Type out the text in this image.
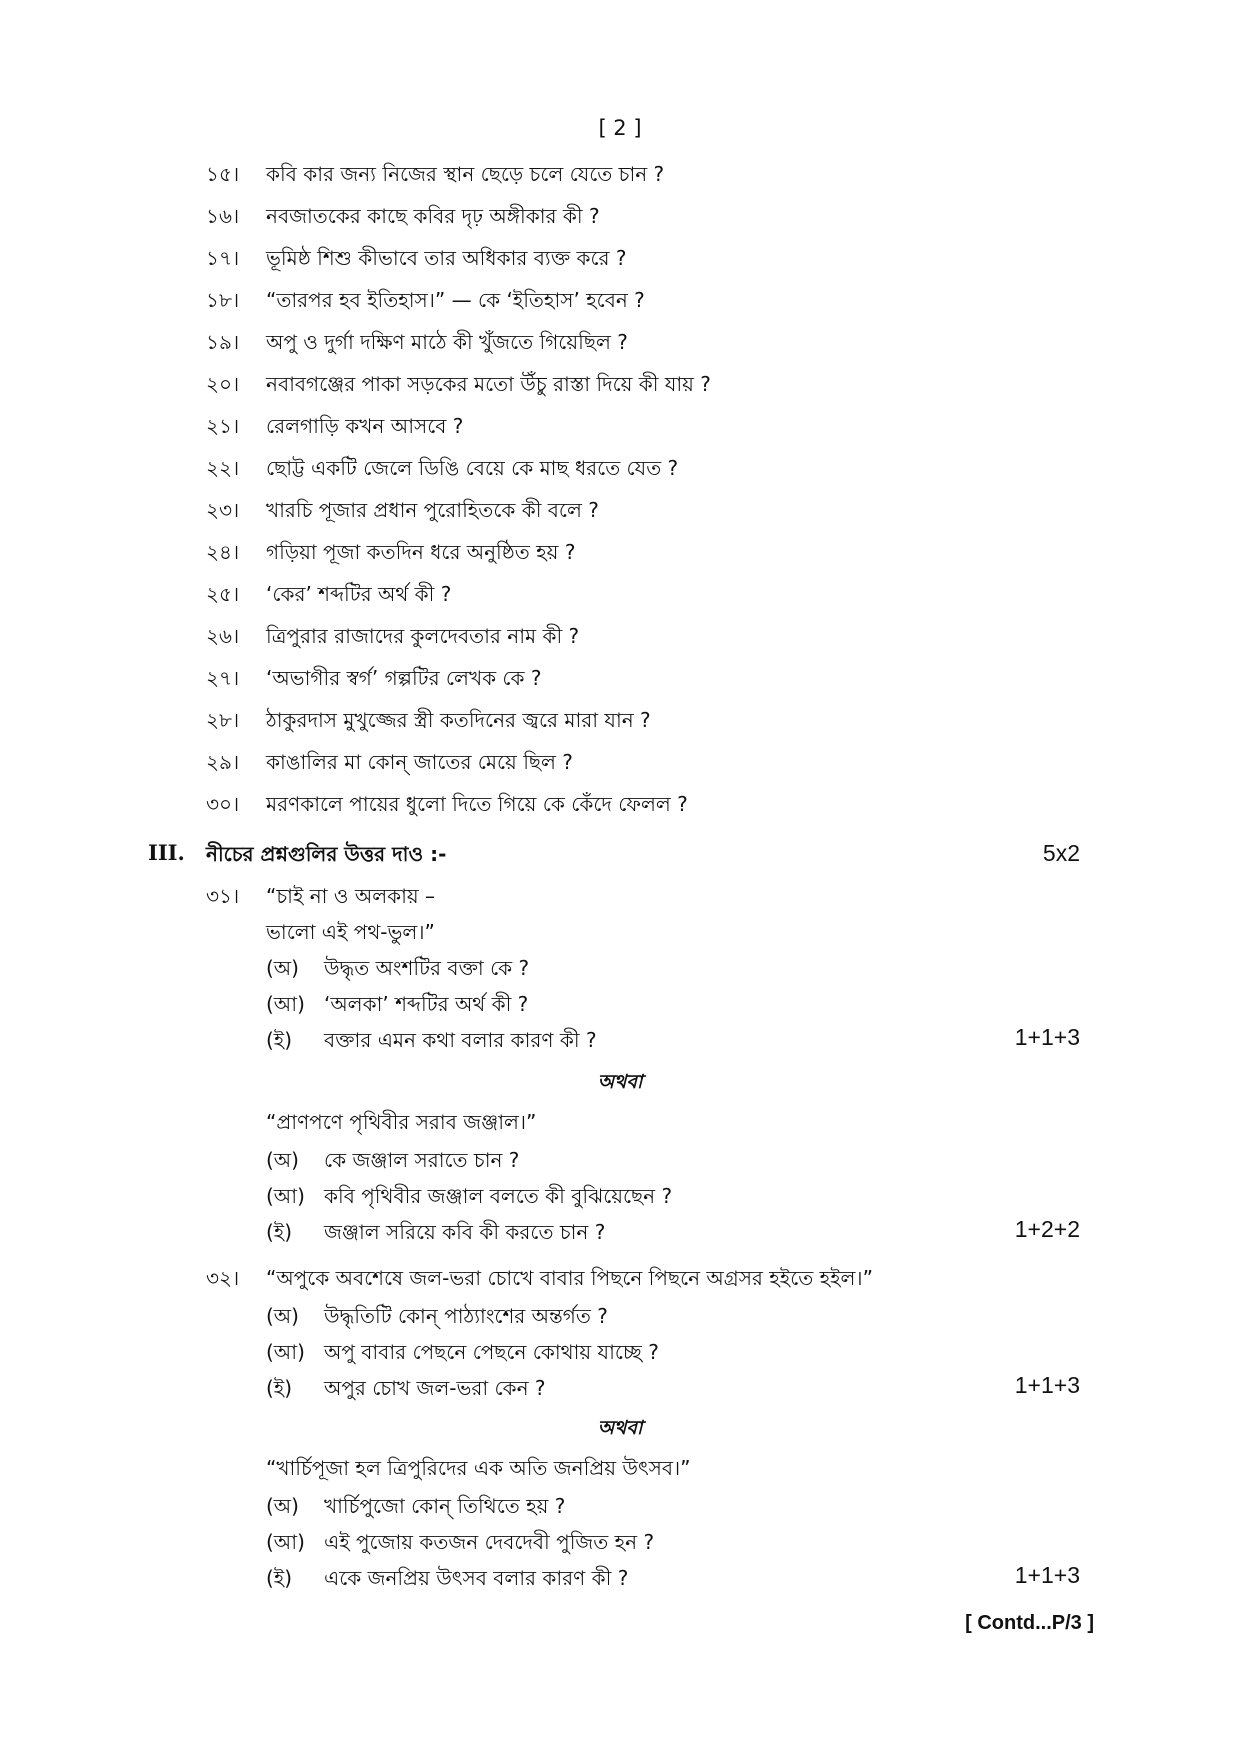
[ 2 ]
১৫। কবি কার জন্য নিজের স্থান ছেড়ে চলে যেতে চান ?
১৬। নবজাতকের কাছে কবির দৃঢ় অঙ্গীকার কী ?
১৭। ভূমিষ্ঠ শিশু কীভাবে তার অধিকার ব্যক্ত করে ?
১৮। “তারপর হব ইতিহাস।” — কে ‘ইতিহাস’ হবেন ?
১৯। অপু ও দুর্গা দক্ষিণ মাঠে কী খুঁজতে গিয়েছিল ?
২০। নবাবগঞ্জের পাকা সড়কের মতো উঁচু রাস্তা দিয়ে কী যায় ?
২১। রেলগাড়ি কখন আসবে ?
২২। ছোট্ট একটি জেলে ডিঙি বেয়ে কে মাছ ধরতে যেত ?
২৩। খারচি পূজার প্রধান পুরোহিতকে কী বলে ?
২৪। গড়িয়া পূজা কতদিন ধরে অনুষ্ঠিত হয় ?
২৫। ‘কের’ শব্দটির অর্থ কী ?
২৬। ত্রিপুরার রাজাদের কুলদেবতার নাম কী ?
২৭। ‘অভাগীর স্বর্গ’ গল্পটির লেখক কে ?
২৮। ঠাকুরদাস মুখুজ্জের স্ত্রী কতদিনের জ্বরে মারা যান ?
২৯। কাঙালির মা কোন্ জাতের মেয়ে ছিল ?
৩০। মরণকালে পায়ের ধুলো দিতে গিয়ে কে কেঁদে ফেলল ?
III. নীচের প্রশ্নগুলির উত্তর দাও :-	5x2
৩১।	“চাই না ও অলকায় –
ভালো এই পথ-ভুল।”
(অ) উদ্ধৃত অংশটির বক্তা কে ?
(আ) ‘অলকা’ শব্দটির অর্থ কী ?
(ই) বক্তার এমন কথা বলার কারণ কী ?	1+1+3
অথবা
“প্রাণপণে পৃথিবীর সরাব জঞ্জাল।”
(অ) কে জঞ্জাল সরাতে চান ?
(আ) কবি পৃথিবীর জঞ্জাল বলতে কী বুঝিয়েছেন ?
(ই) জঞ্জাল সরিয়ে কবি কী করতে চান ?	1+2+2
৩২।	“অপুকে অবশেষে জল-ভরা চোখে বাবার পিছনে পিছনে অগ্রসর হইতে হইল।”
(অ) উদ্ধৃতিটি কোন্ পাঠ্যাংশের অন্তর্গত ?
(আ) অপু বাবার পেছনে পেছনে কোথায় যাচ্ছে ?
(ই) অপুর চোখ জল-ভরা কেন ?	1+1+3
অথবা
“খার্চিপূজা হল ত্রিপুরিদের এক অতি জনপ্রিয় উৎসব।”
(অ) খার্চিপুজো কোন্ তিথিতে হয় ?
(আ) এই পুজোয় কতজন দেবদেবী পুজিত হন ?
(ই) একে জনপ্রিয় উৎসব বলার কারণ কী ?	1+1+3
[ Contd...P/3 ]
